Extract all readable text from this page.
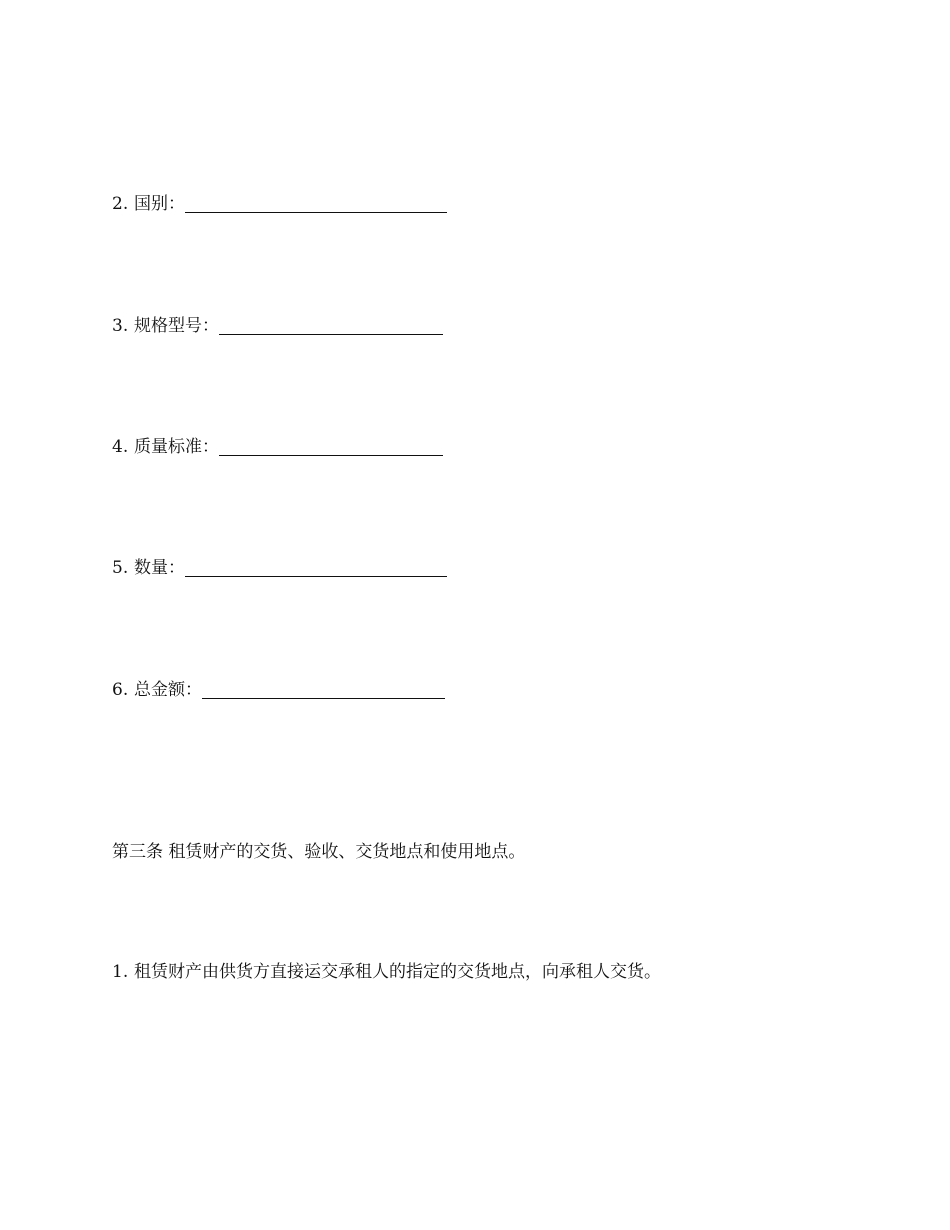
2. 国别：
3. 规格型号：
4. 质量标准：
5. 数量：
6. 总金额：
第三条 租赁财产的交货、验收、交货地点和使用地点。
1. 租赁财产由供货方直接运交承租人的指定的交货地点，向承租人交货。
